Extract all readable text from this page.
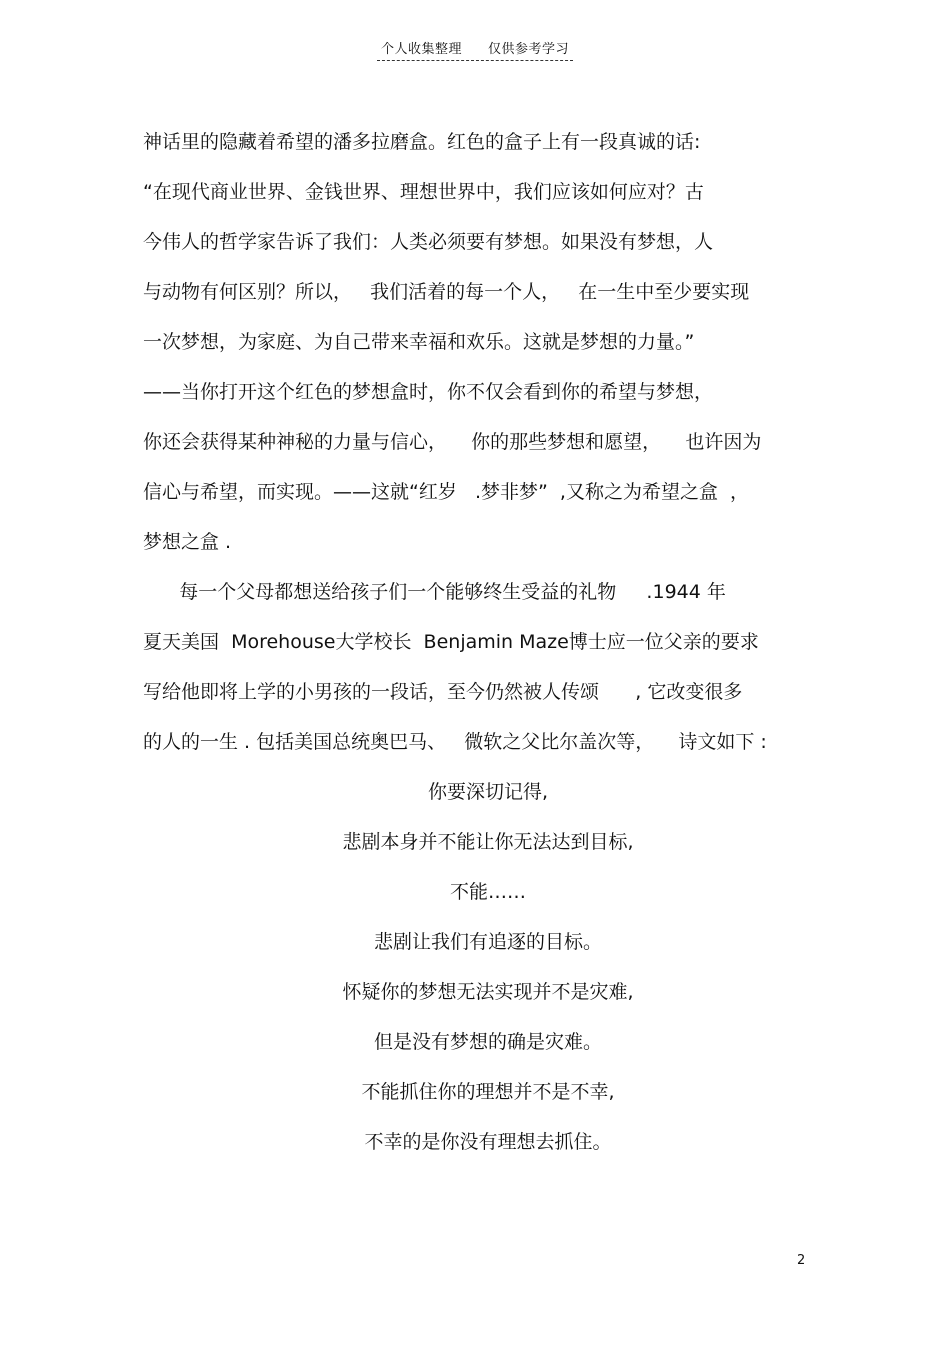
个人收集整理 仅供参考学习
神话里的隐藏着希望的潘多拉磨盒。红色的盒子上有一段真诚的话:
“在现代商业世界、金钱世界、理想世界中，我们应该如何应对？古
今伟人的哲学家告诉了我们：人类必须要有梦想。如果没有梦想，人
与动物有何区别？所以，   我们活着的每一个人，   在一生中至少要实现
一次梦想，为家庭、为自己带来幸福和欢乐。这就是梦想的力量。”
——当你打开这个红色的梦想盒时，你不仅会看到你的希望与梦想，
你还会获得某种神秘的力量与信心，    你的那些梦想和愿望，    也许因为
信心与希望，而实现。——这就“红岁   .梦非梦”  ,又称之为希望之盒  ，
梦想之盒 .
每一个父母都想送给孩子们一个能够终生受益的礼物     .1944 年
夏天美国  Morehouse大学校长  Benjamin Maze博士应一位父亲的要求
写给他即将上学的小男孩的一段话，至今仍然被人传颂      , 它改变很多
的人的一生 . 包括美国总统奥巴马、   微软之父比尔盖次等，    诗文如下 :
你要深切记得,
悲剧本身并不能让你无法达到目标,
不能……
悲剧让我们有追逐的目标。
怀疑你的梦想无法实现并不是灾难,
但是没有梦想的确是灾难。
不能抓住你的理想并不是不幸,
不幸的是你没有理想去抓住。
2
